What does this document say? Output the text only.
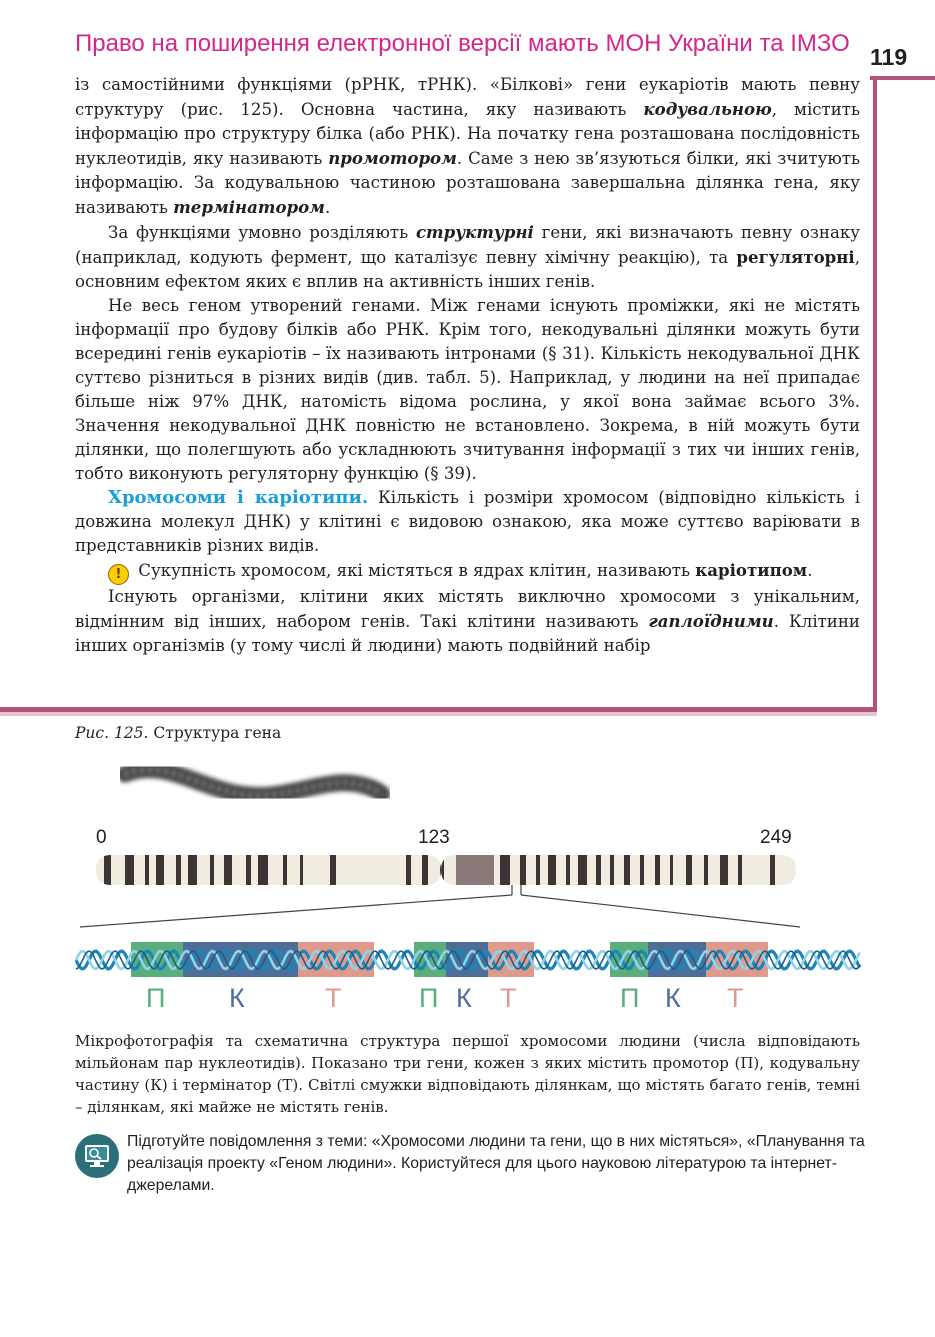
Право на поширення електронної версії мають МОН України та ІМЗО 119

із самостійними функціями (рРНК, тРНК). «Білкові» гени еукаріотів мають певну структуру (рис. 125). Основна частина, яку називають кодувальною, містить інформацію про структуру білка (або РНК). На початку гена розташована послідовність нуклеотидів, яку називають промотором. Саме з нею зв’язуються білки, які зчитують інформацію. За кодувальною частиною розташована завершальна ділянка гена, яку називають термінатором.

За функціями умовно розділяють структурні гени, які визначають певну ознаку (наприклад, кодують фермент, що каталізує певну хімічну реакцію), та регуляторні, основним ефектом яких є вплив на активність інших генів.

Не весь геном утворений генами. Між генами існують проміжки, які не містять інформації про будову білків або РНК. Крім того, некодувальні ділянки можуть бути всередині генів еукаріотів – їх називають інтронами (§ 31). Кількість некодувальної ДНК суттєво різниться в різних видів (див. табл. 5). Наприклад, у людини на неї припадає більше ніж 97% ДНК, натомість відома рослина, у якої вона займає всього 3%. Значення некодувальної ДНК повністю не встановлено. Зокрема, в ній можуть бути ділянки, що полегшують або ускладнюють зчитування інформації з тих чи інших генів, тобто виконують регуляторну функцію (§ 39).

Хромосоми і каріотипи. Кількість і розміри хромосом (відповідно кількість і довжина молекул ДНК) у клітині є видовою ознакою, яка може суттєво варіювати в представників різних видів.

! Сукупність хромосом, які містяться в ядрах клітин, називають каріотипом.

Існують організми, клітини яких містять виключно хромосоми з унікальним, відмінним від інших, набором генів. Такі клітини називають гаплоїдними. Клітини інших організмів (у тому числі й людини) мають подвійний набір

Рис. 125. Структура гена
0	123	249
П К	Т	П К Т	П К Т
Мікрофотографія та схематична структура першої хромосоми людини (числа відповідають мільйонам пар нуклеотидів). Показано три гени, кожен з яких містить промотор (П), кодувальну частину (К) і термінатор (Т). Світлі смужки відповідають ділянкам, що містять багато генів, темні – ділянкам, які майже не містять генів.
Підготуйте повідомлення з теми: «Хромосоми людини та гени, що в них містяться», «Планування та реалізація проекту «Геном людини». Користуйтеся для цього науковою літературою та інтернет-джерелами.
